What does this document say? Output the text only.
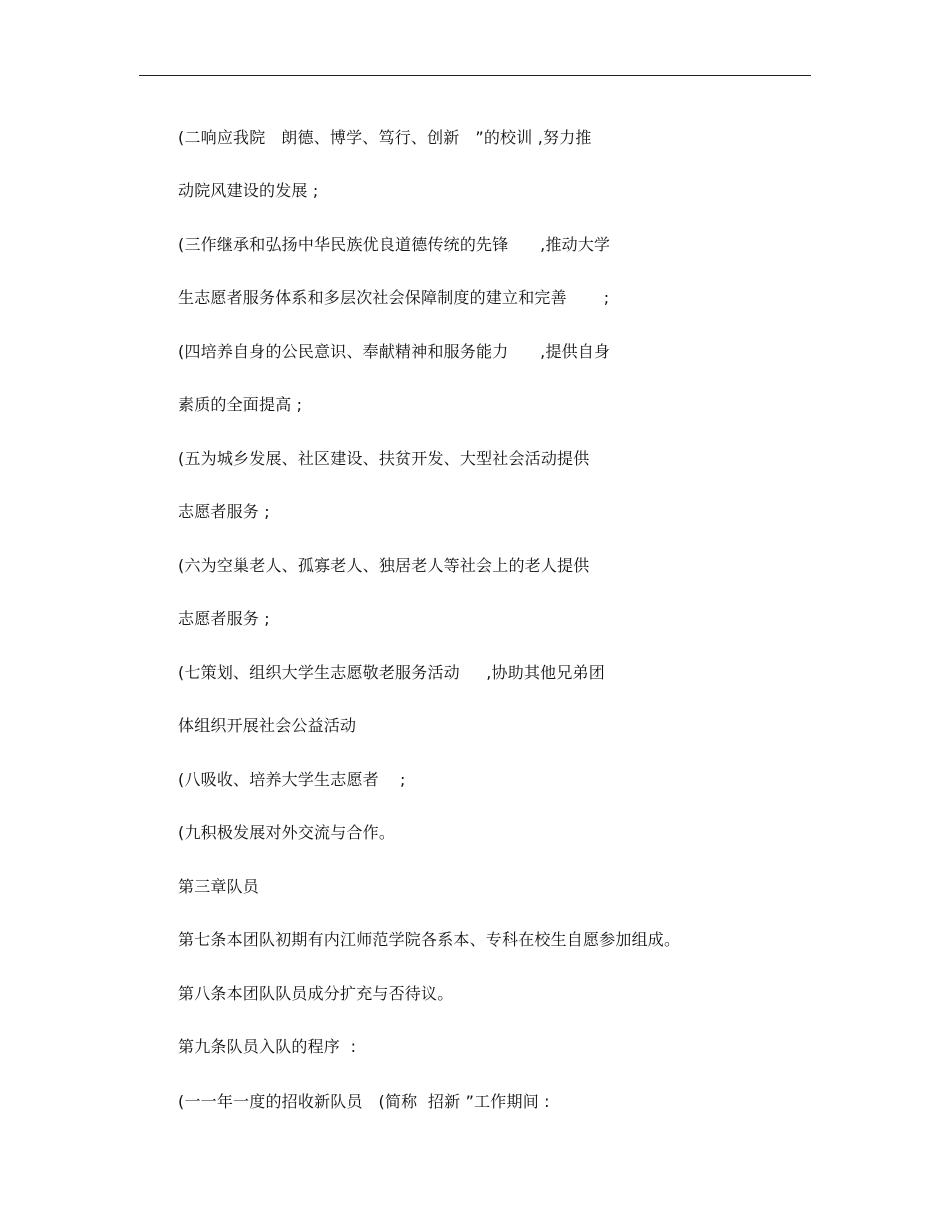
(二响应我院   朗德、博学、笃行、创新   ”的校训 ,努力推
动院风建设的发展 ;
(三作继承和弘扬中华民族优良道德传统的先锋      ,推动大学
生志愿者服务体系和多层次社会保障制度的建立和完善       ;
(四培养自身的公民意识、奉献精神和服务能力      ,提供自身
素质的全面提高 ;
(五为城乡发展、社区建设、扶贫开发、大型社会活动提供
志愿者服务 ;
(六为空巢老人、孤寡老人、独居老人等社会上的老人提供
志愿者服务 ;
(七策划、组织大学生志愿敬老服务活动     ,协助其他兄弟团
体组织开展社会公益活动
(八吸收、培养大学生志愿者    ;
(九积极发展对外交流与合作。
第三章队员
第七条本团队初期有内江师范学院各系本、专科在校生自愿参加组成。
第八条本团队队员成分扩充与否待议。
第九条队员入队的程序  :
(一一年一度的招收新队员   (简称  招新 ”工作期间 :
